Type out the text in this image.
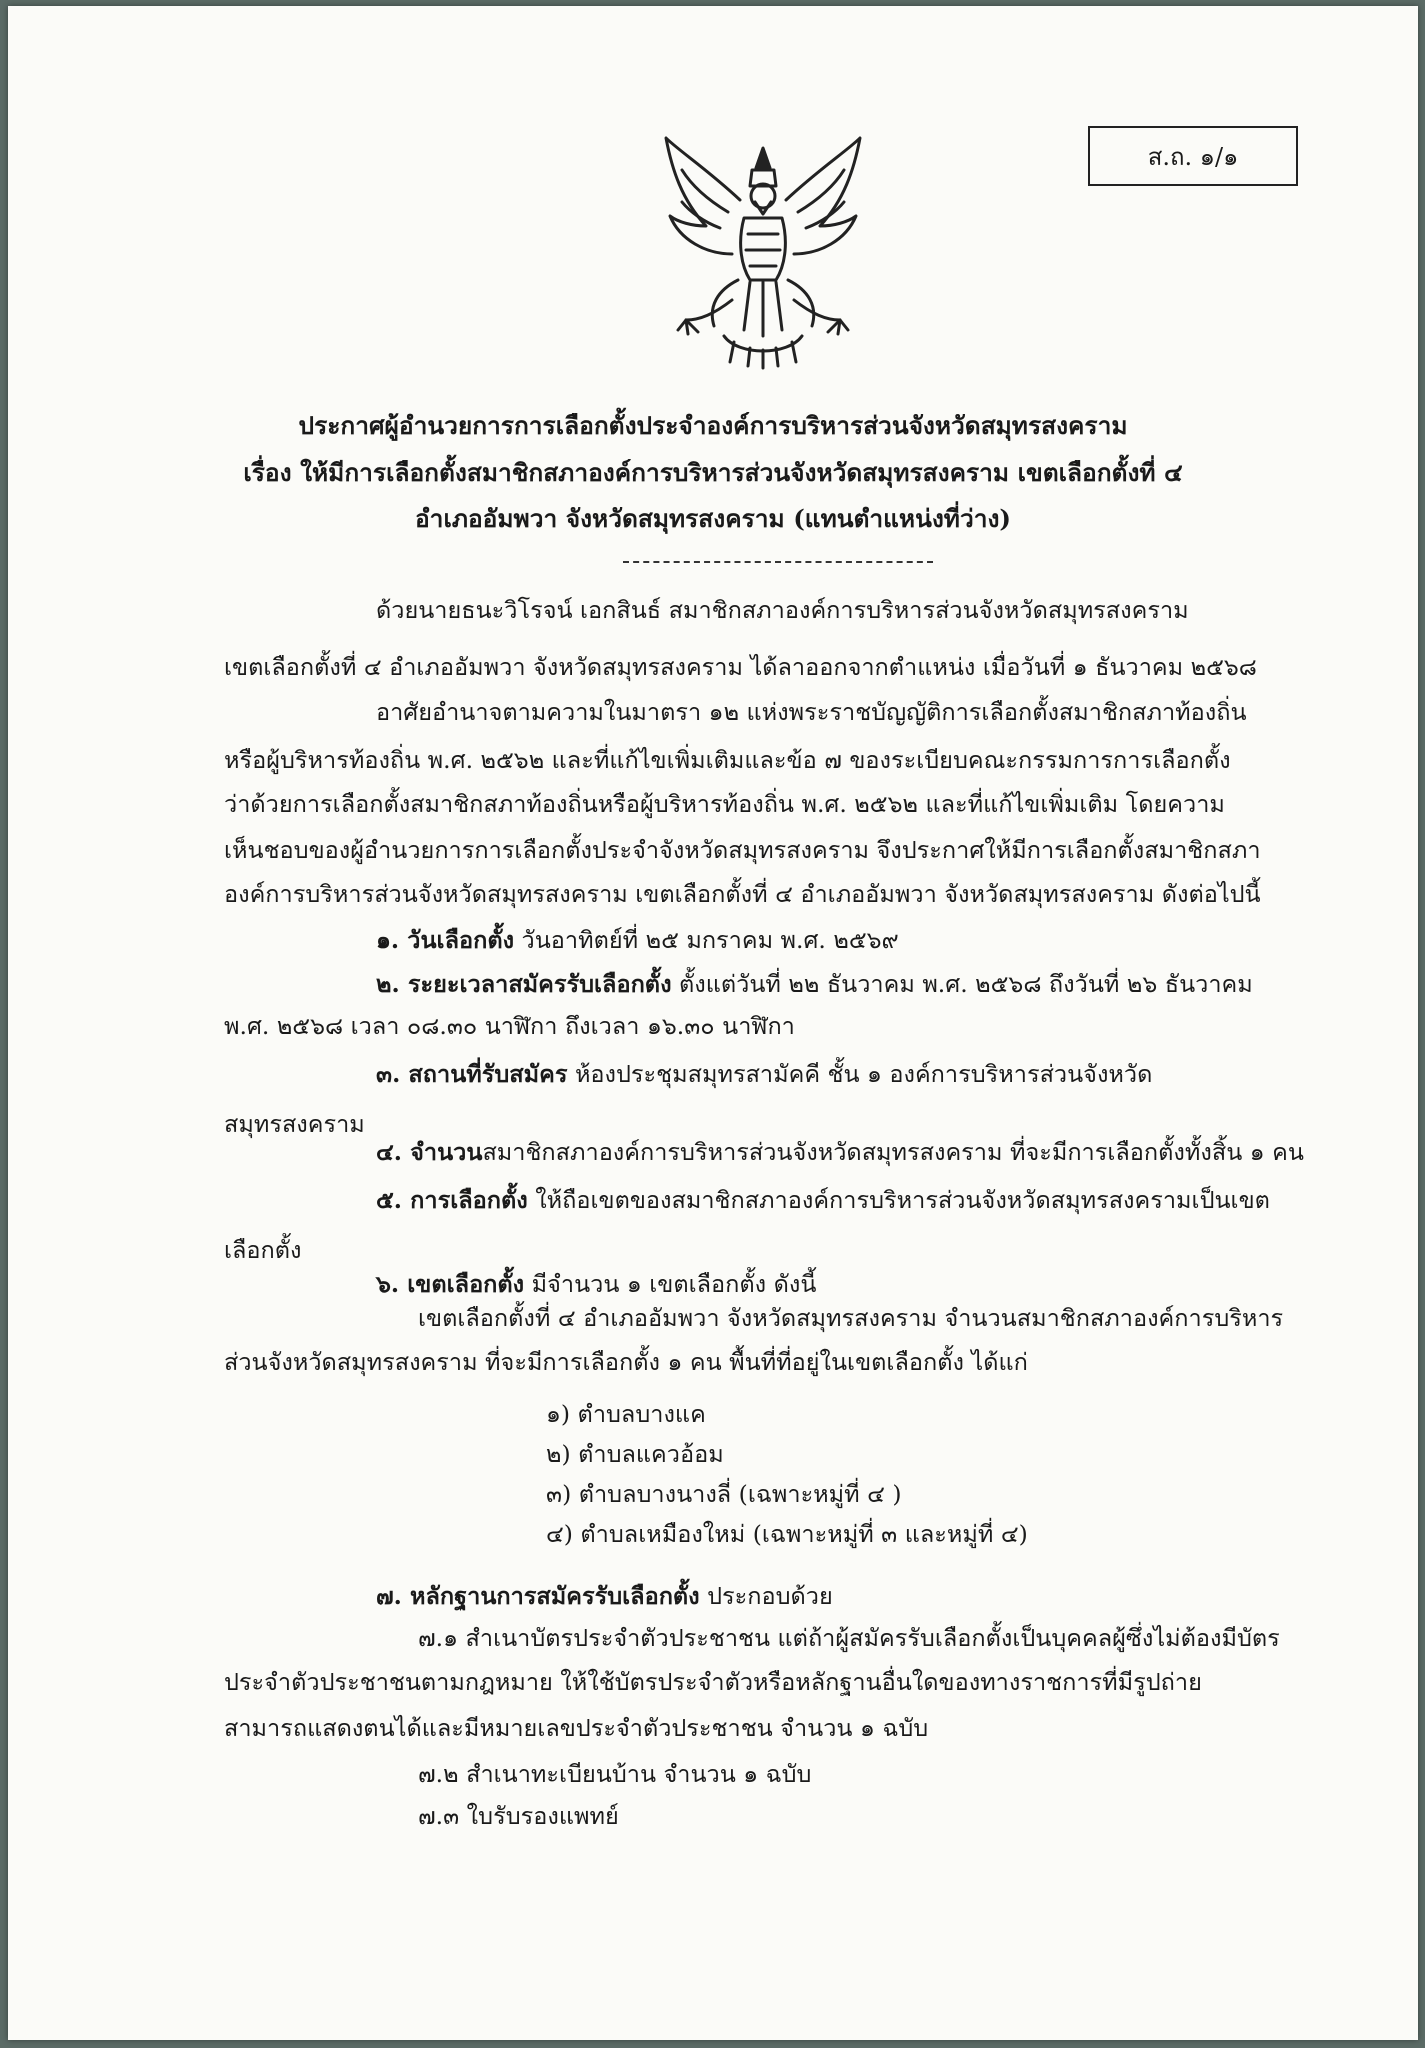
ส.ถ. ๑/๑
ประกาศผู้อำนวยการการเลือกตั้งประจำองค์การบริหารส่วนจังหวัดสมุทรสงคราม
เรื่อง ให้มีการเลือกตั้งสมาชิกสภาองค์การบริหารส่วนจังหวัดสมุทรสงคราม เขตเลือกตั้งที่ ๔
อำเภออัมพวา จังหวัดสมุทรสงคราม (แทนตำแหน่งที่ว่าง)
ด้วยนายธนะวิโรจน์ เอกสินธ์ สมาชิกสภาองค์การบริหารส่วนจังหวัดสมุทรสงคราม
เขตเลือกตั้งที่ ๔ อำเภออัมพวา จังหวัดสมุทรสงคราม ได้ลาออกจากตำแหน่ง เมื่อวันที่ ๑ ธันวาคม ๒๕๖๘
อาศัยอำนาจตามความในมาตรา ๑๒ แห่งพระราชบัญญัติการเลือกตั้งสมาชิกสภาท้องถิ่น
หรือผู้บริหารท้องถิ่น พ.ศ. ๒๕๖๒ และที่แก้ไขเพิ่มเติมและข้อ ๗ ของระเบียบคณะกรรมการการเลือกตั้ง
ว่าด้วยการเลือกตั้งสมาชิกสภาท้องถิ่นหรือผู้บริหารท้องถิ่น พ.ศ. ๒๕๖๒ และที่แก้ไขเพิ่มเติม โดยความ
เห็นชอบของผู้อำนวยการการเลือกตั้งประจำจังหวัดสมุทรสงคราม จึงประกาศให้มีการเลือกตั้งสมาชิกสภา
องค์การบริหารส่วนจังหวัดสมุทรสงคราม เขตเลือกตั้งที่ ๔ อำเภออัมพวา จังหวัดสมุทรสงคราม ดังต่อไปนี้
๑. วันเลือกตั้ง วันอาทิตย์ที่ ๒๕ มกราคม พ.ศ. ๒๕๖๙
๒. ระยะเวลาสมัครรับเลือกตั้ง ตั้งแต่วันที่ ๒๒ ธันวาคม พ.ศ. ๒๕๖๘ ถึงวันที่ ๒๖ ธันวาคม
พ.ศ. ๒๕๖๘ เวลา ๐๘.๓๐ นาฬิกา ถึงเวลา ๑๖.๓๐ นาฬิกา
๓. สถานที่รับสมัคร ห้องประชุมสมุทรสามัคคี ชั้น ๑ องค์การบริหารส่วนจังหวัด
สมุทรสงคราม
๔. จำนวนสมาชิกสภาองค์การบริหารส่วนจังหวัดสมุทรสงคราม ที่จะมีการเลือกตั้งทั้งสิ้น ๑ คน
๕. การเลือกตั้ง ให้ถือเขตของสมาชิกสภาองค์การบริหารส่วนจังหวัดสมุทรสงครามเป็นเขต
เลือกตั้ง
๖. เขตเลือกตั้ง มีจำนวน ๑ เขตเลือกตั้ง ดังนี้
เขตเลือกตั้งที่ ๔ อำเภออัมพวา จังหวัดสมุทรสงคราม จำนวนสมาชิกสภาองค์การบริหาร
ส่วนจังหวัดสมุทรสงคราม ที่จะมีการเลือกตั้ง ๑ คน พื้นที่ที่อยู่ในเขตเลือกตั้ง ได้แก่
๑) ตำบลบางแค
๒) ตำบลแควอ้อม
๓) ตำบลบางนางลี่ (เฉพาะหมู่ที่ ๔ )
๔) ตำบลเหมืองใหม่ (เฉพาะหมู่ที่ ๓ และหมู่ที่ ๔)
๗. หลักฐานการสมัครรับเลือกตั้ง ประกอบด้วย
๗.๑ สำเนาบัตรประจำตัวประชาชน แต่ถ้าผู้สมัครรับเลือกตั้งเป็นบุคคลผู้ซึ่งไม่ต้องมีบัตร
ประจำตัวประชาชนตามกฎหมาย ให้ใช้บัตรประจำตัวหรือหลักฐานอื่นใดของทางราชการที่มีรูปถ่าย
สามารถแสดงตนได้และมีหมายเลขประจำตัวประชาชน จำนวน ๑ ฉบับ
๗.๒ สำเนาทะเบียนบ้าน จำนวน ๑ ฉบับ
๗.๓ ใบรับรองแพทย์
